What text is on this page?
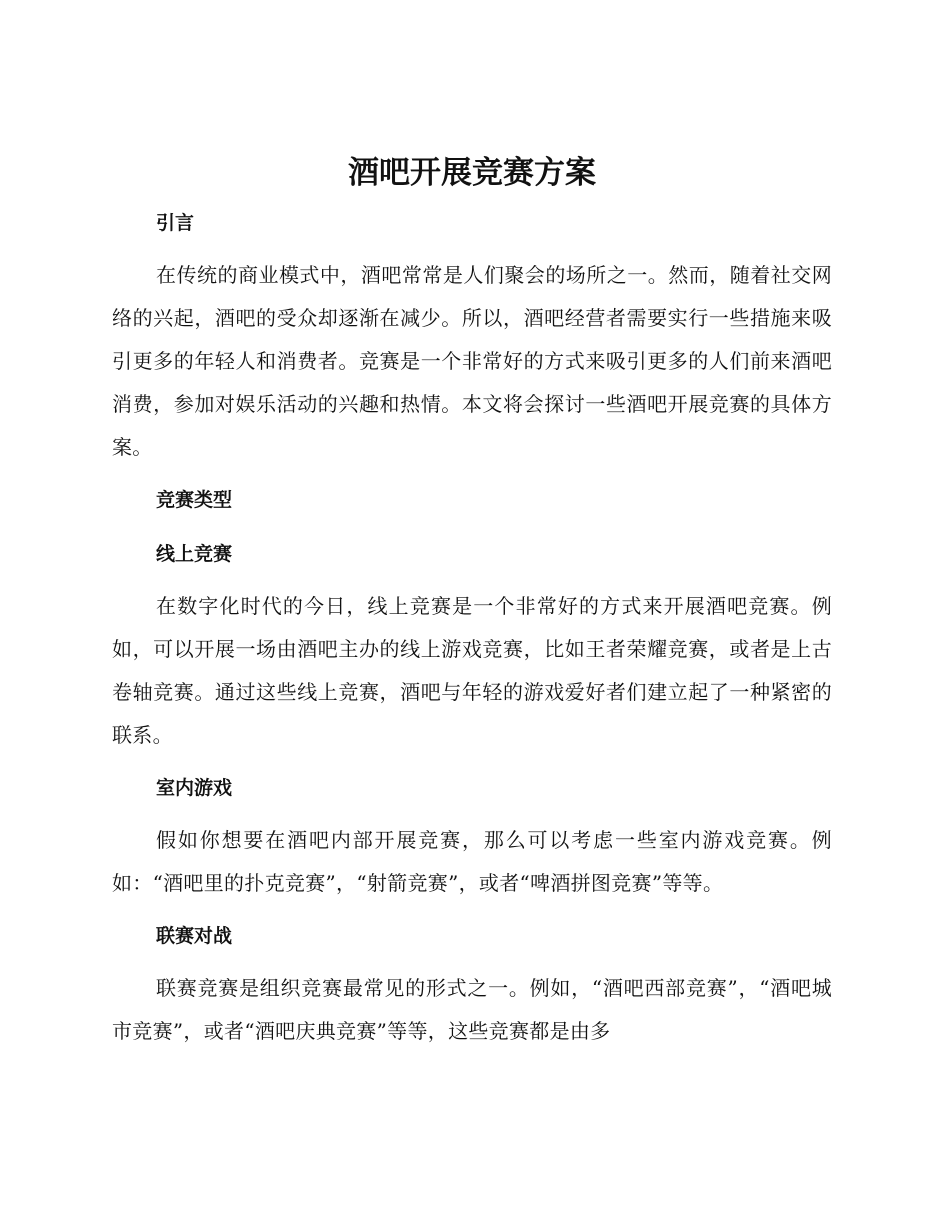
酒吧开展竞赛方案
引言

在传统的商业模式中，酒吧常常是人们聚会的场所之一。然而，随着社交网络的兴起，酒吧的受众却逐渐在减少。所以，酒吧经营者需要实行一些措施来吸引更多的年轻人和消费者。竞赛是一个非常好的方式来吸引更多的人们前来酒吧消费，参加对娱乐活动的兴趣和热情。本文将会探讨一些酒吧开展竞赛的具体方案。

竞赛类型
线上竞赛

在数字化时代的今日，线上竞赛是一个非常好的方式来开展酒吧竞赛。例如，可以开展一场由酒吧主办的线上游戏竞赛，比如王者荣耀竞赛，或者是上古卷轴竞赛。通过这些线上竞赛，酒吧与年轻的游戏爱好者们建立起了一种紧密的联系。

室内游戏

假如你想要在酒吧内部开展竞赛，那么可以考虑一些室内游戏竞赛。例如：“酒吧里的扑克竞赛”，“射箭竞赛”，或者“啤酒拼图竞赛”等等。

联赛对战

联赛竞赛是组织竞赛最常见的形式之一。例如，“酒吧西部竞赛”，“酒吧城市竞赛”，或者“酒吧庆典竞赛”等等，这些竞赛都是由多
